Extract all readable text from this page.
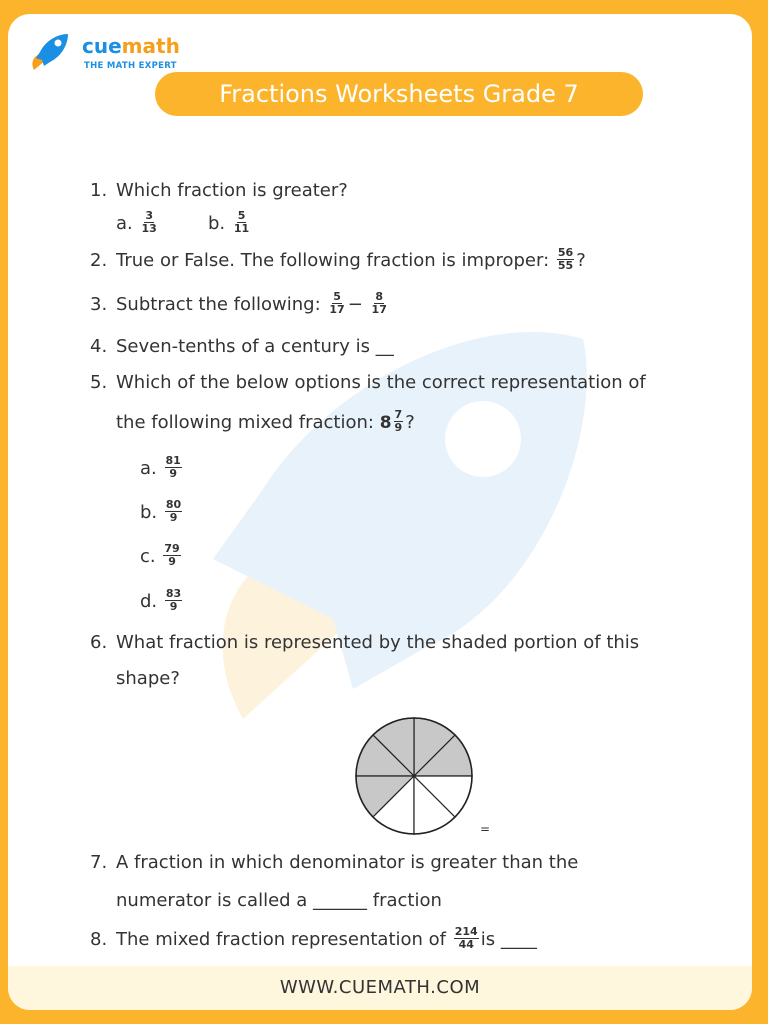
cuemath
THE MATH EXPERT
Fractions Worksheets Grade 7
1. Which fraction is greater?
a. $\frac{3}{13}$	b. $\frac{5}{11}$
2. True or False. The following fraction is improper: $\frac{56}{55}$ ?
3. Subtract the following: $\frac{5}{17} - \frac{8}{17}$
4. Seven-tenths of a century is __
5. Which of the below options is the correct representation of
the following mixed fraction: $8 \frac{7}{9}$ ?
a. $\frac{81}{9}$
b. $\frac{80}{9}$
c. $\frac{79}{9}$
d. $\frac{83}{9}$
6. What fraction is represented by the shaded portion of this
shape?
=
7. A fraction in which denominator is greater than the
numerator is called a ______ fraction
8. The mixed fraction representation of $\frac{214}{44}$ is ____
WWW.CUEMATH.COM
